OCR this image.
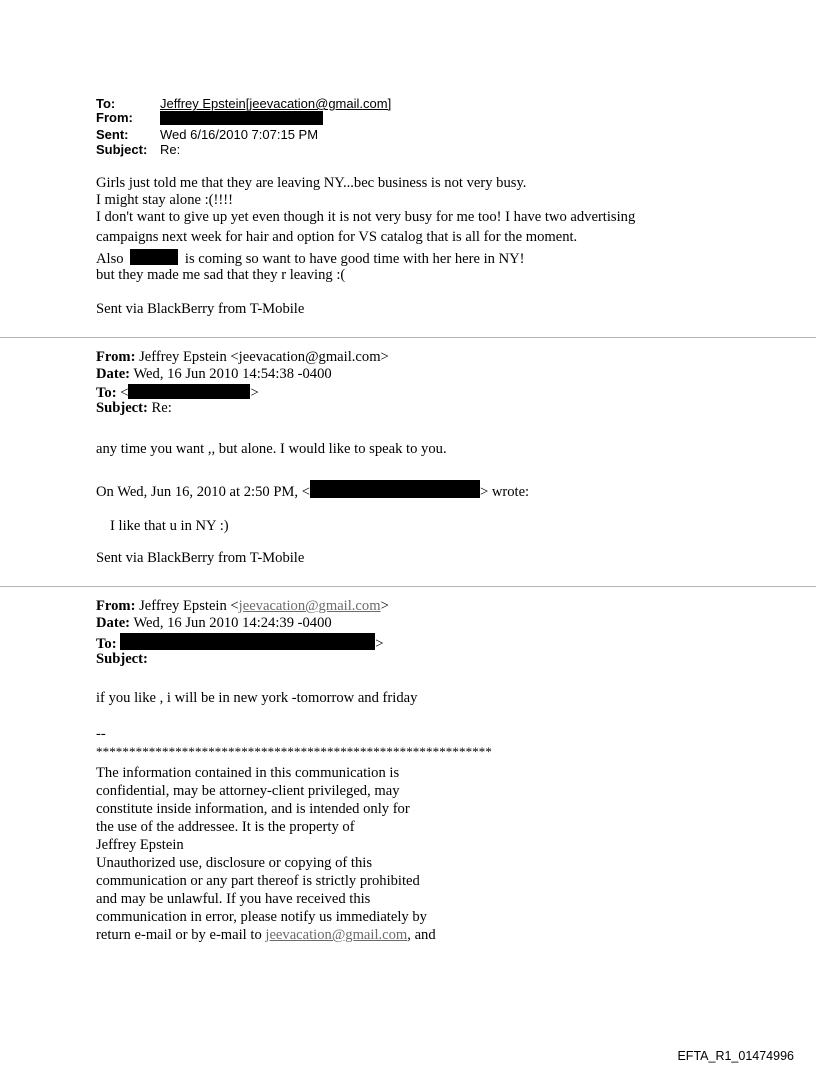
To:	Jeffrey Epstein[jeevacation@gmail.com]
From:
Sent: Wed 6/16/2010 7:07:15 PM
Subject: Re:
Girls just told me that they are leaving NY...bec business is not very busy.
I might stay alone :(!!!!
I don't want to give up yet even though it is not very busy for me too! I have two advertising
campaigns next week for hair and option for VS catalog that is all for the moment.
Also	is coming so want to have good time with her here in NY!
but they made me sad that they r leaving :(
Sent via BlackBerry from T-Mobile
From: Jeffrey Epstein <jeevacation@gmail.com>
Date: Wed, 16 Jun 2010 14:54:38 -0400
To: <	>
Subject: Re:
any time you want ,, but alone. I would like to speak to you.
On Wed, Jun 16, 2010 at 2:50 PM, <	> wrote:
I like that u in NY :)
Sent via BlackBerry from T-Mobile
From: Jeffrey Epstein <jeevacation@gmail.com>
Date: Wed, 16 Jun 2010 14:24:39 -0400
To:	>
Subject:
if you like , i will be in new york -tomorrow and friday
--
************************************************************
The information contained in this communication is
confidential, may be attorney-client privileged, may
constitute inside information, and is intended only for
the use of the addressee. It is the property of
Jeffrey Epstein
Unauthorized use, disclosure or copying of this
communication or any part thereof is strictly prohibited
and may be unlawful. If you have received this
communication in error, please notify us immediately by
return e-mail or by e-mail to jeevacation@gmail.com, and
EFTA_R1_01474996
